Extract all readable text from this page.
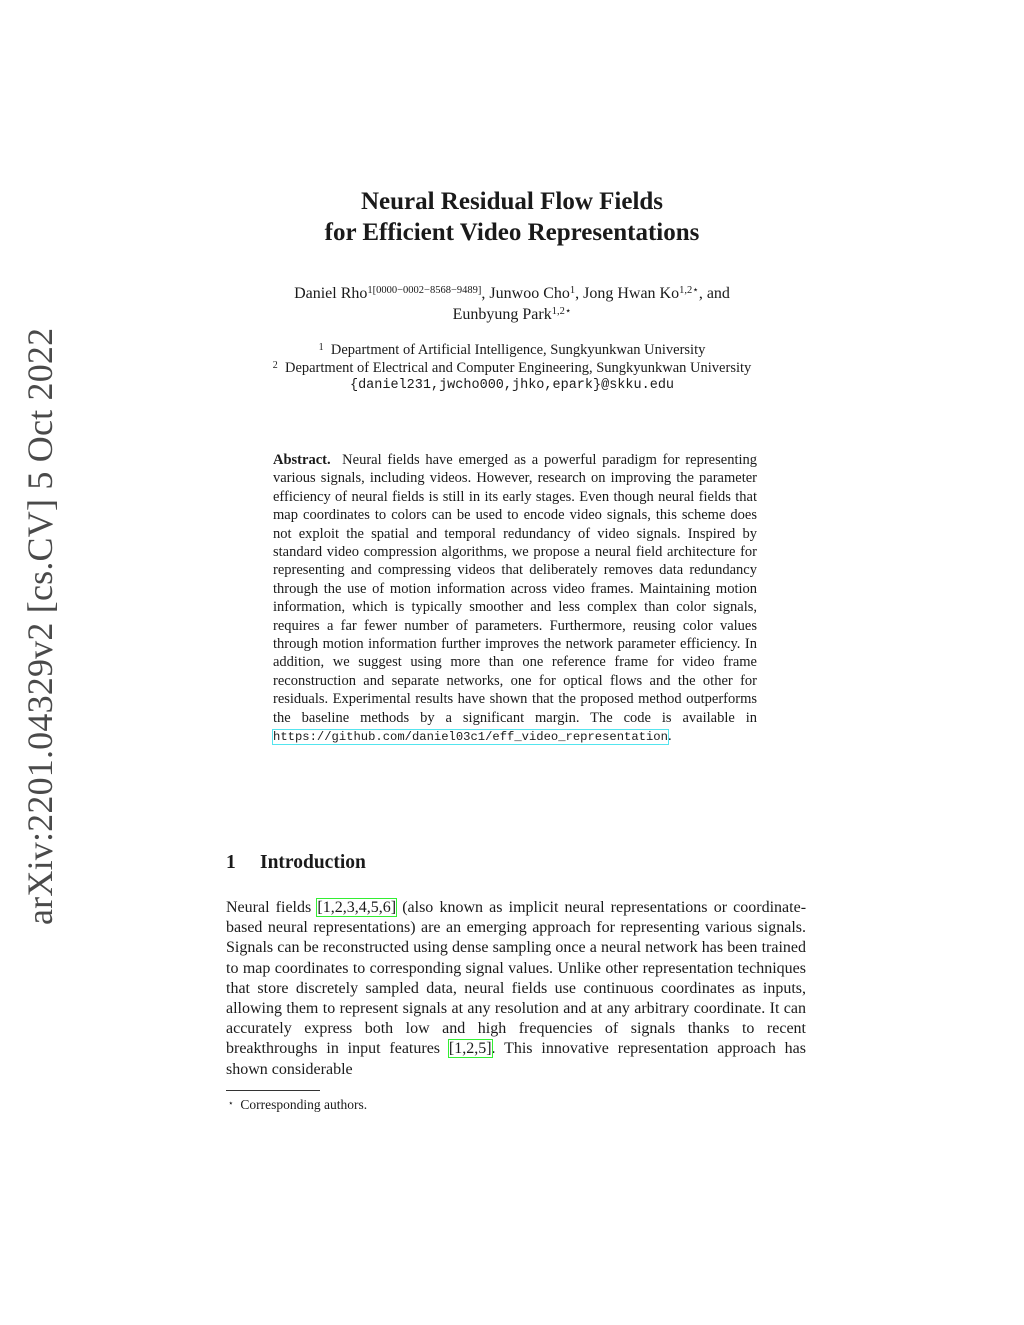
arXiv:2201.04329v2 [cs.CV] 5 Oct 2022
Neural Residual Flow Fields
for Efficient Video Representations
Daniel Rho$^{1[0000-0002-8568-9489]}$, Junwoo Cho$^1$, Jong Hwan $Ko^{1,2⋆}$, and
Eunbyung Park$^{1,2⋆}$
$^1$ Department of Artificial Intelligence, Sungkyunkwan University
$^2$ Department of Electrical and Computer Engineering, Sungkyunkwan University
{daniel231,jwcho000,jhko,epark}@skku.edu
Abstract. Neural fields have emerged as a powerful paradigm for representing various signals, including videos. However, research on improving the parameter efficiency of neural fields is still in its early stages. Even though neural fields that map coordinates to colors can be used to encode video signals, this scheme does not exploit the spatial and temporal redundancy of video signals. Inspired by standard video compression algorithms, we propose a neural field architecture for representing and compressing videos that deliberately removes data redundancy through the use of motion information across video frames. Maintaining motion information, which is typically smoother and less complex than color signals, requires a far fewer number of parameters. Furthermore, reusing color values through motion information further improves the network parameter efficiency. In addition, we suggest using more than one reference frame for video frame reconstruction and separate networks, one for optical flows and the other for residuals. Experimental results have shown that the proposed method outperforms the baseline methods by a significant margin. The code is available in https://github.com/daniel03c1/eff_video_representation.
1 Introduction
Neural fields [1,2,3,4,5,6] (also known as implicit neural representations or coordinate-based neural representations) are an emerging approach for representing various signals. Signals can be reconstructed using dense sampling once a neural network has been trained to map coordinates to corresponding signal values. Unlike other representation techniques that store discretely sampled data, neural fields use continuous coordinates as inputs, allowing them to represent signals at any resolution and at any arbitrary coordinate. It can accurately express both low and high frequencies of signals thanks to recent breakthroughs in input features [1,2,5]. This innovative representation approach has shown considerable
⋆ Corresponding authors.
